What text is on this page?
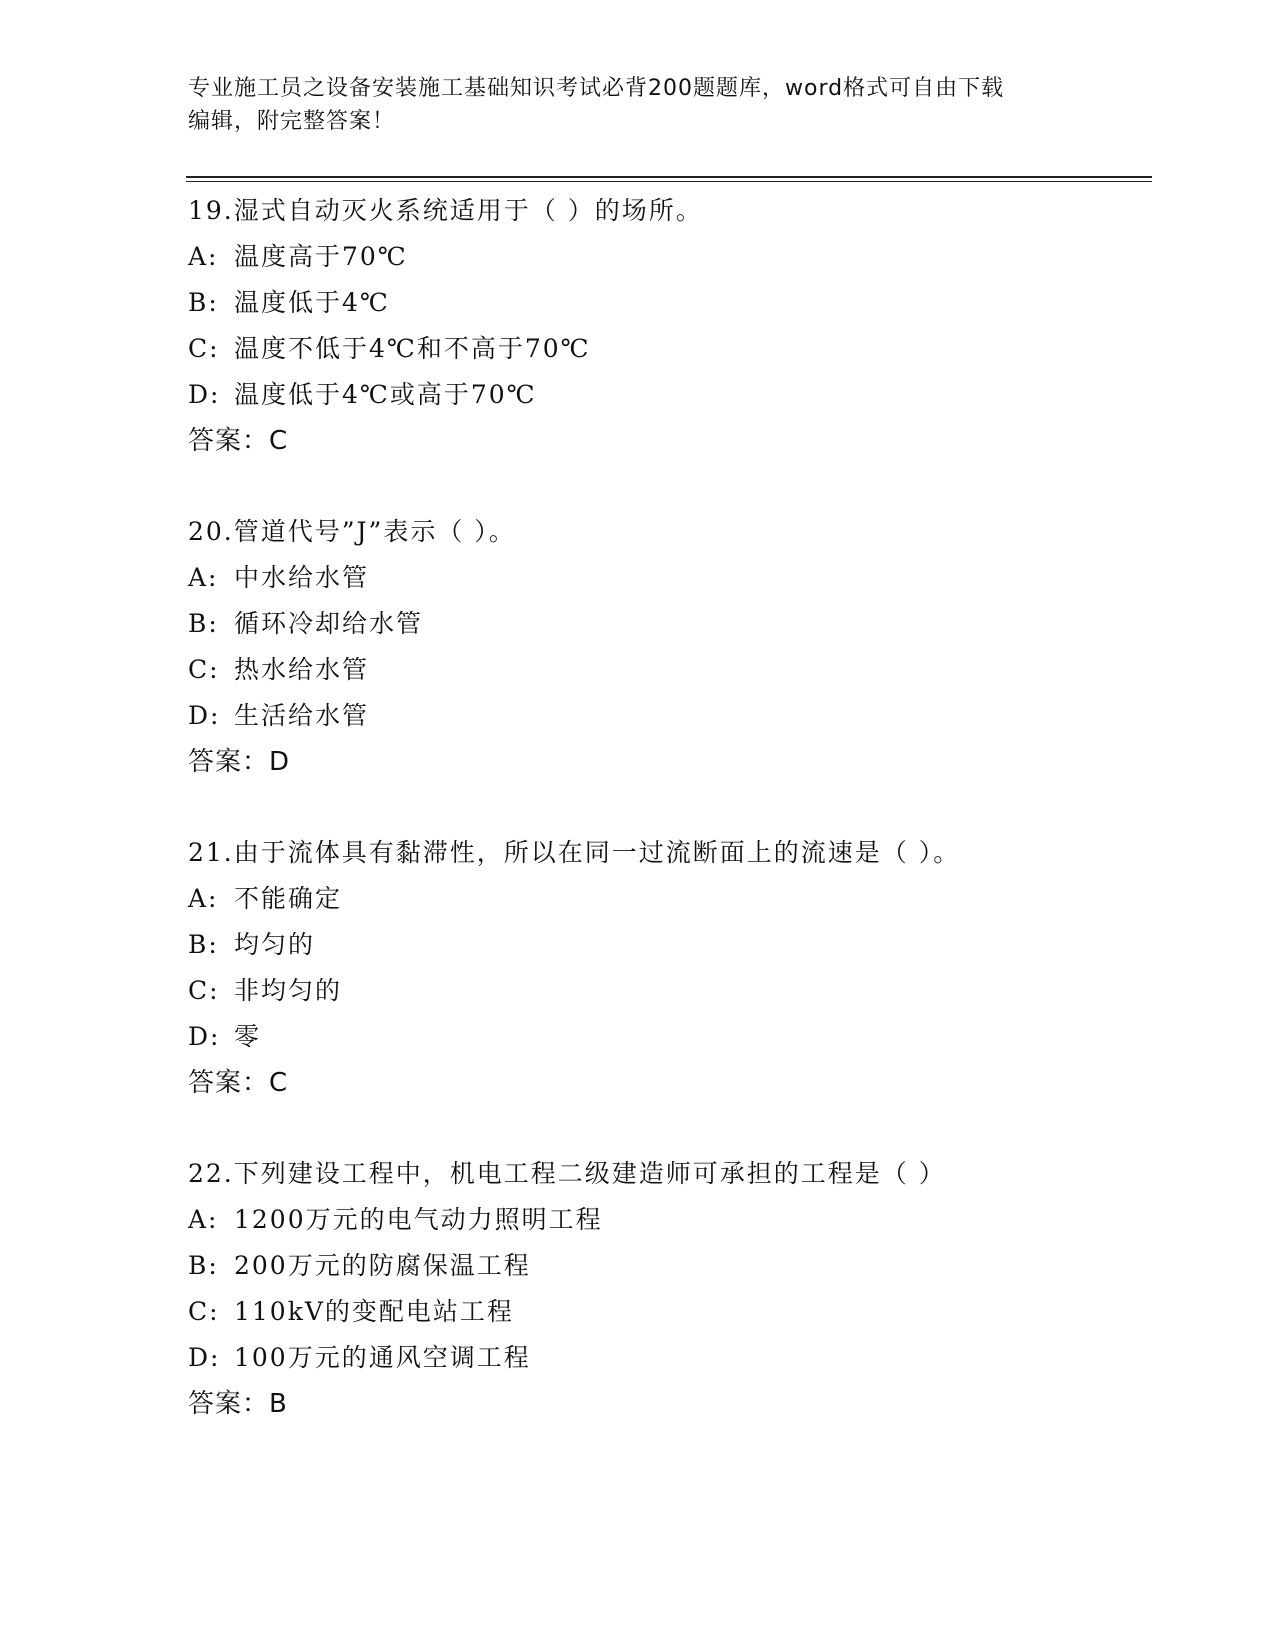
专业施工员之设备安装施工基础知识考试必背200题题库，word格式可自由下载
编辑，附完整答案！
19.湿式自动灭火系统适用于（ ）的场所。
A: 温度高于70℃
B: 温度低于4℃
C: 温度不低于4℃和不高于70℃
D: 温度低于4℃或高于70℃
答案：C
20.管道代号”J”表示（ ）。
A: 中水给水管
B: 循环冷却给水管
C: 热水给水管
D: 生活给水管
答案：D
21.由于流体具有黏滞性，所以在同一过流断面上的流速是（ ）。
A: 不能确定
B: 均匀的
C: 非均匀的
D: 零
答案：C
22.下列建设工程中，机电工程二级建造师可承担的工程是（ ）
A: 1200万元的电气动力照明工程
B: 200万元的防腐保温工程
C: 110kV的变配电站工程
D: 100万元的通风空调工程
答案：B
